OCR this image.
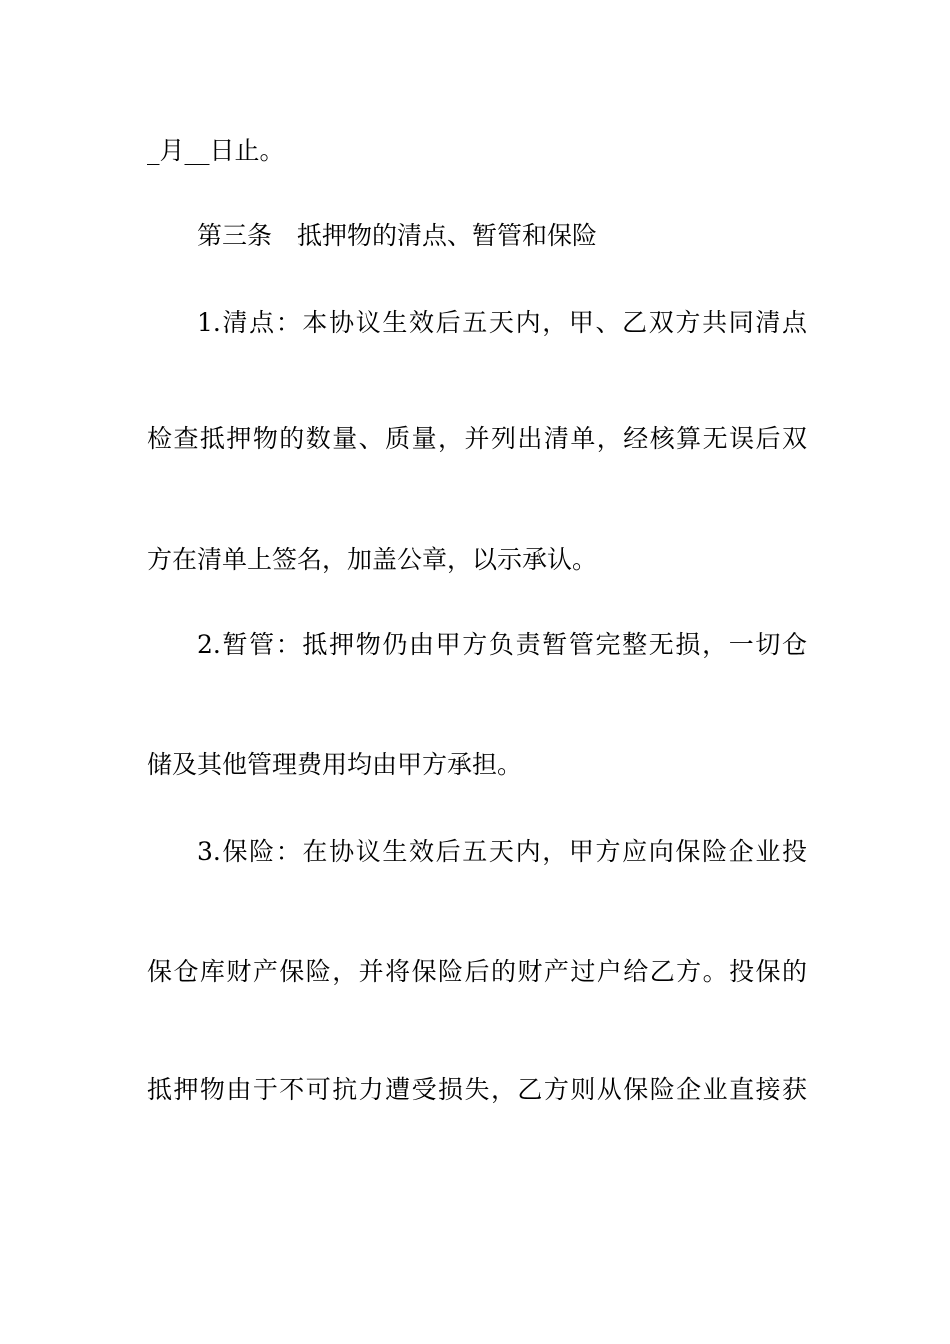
_月__日止。
第三条　抵押物的清点、暂管和保险
1.清点：本协议生效后五天内，甲、乙双方共同清点
检查抵押物的数量、质量，并列出清单，经核算无误后双
方在清单上签名，加盖公章，以示承认。
2.暂管：抵押物仍由甲方负责暂管完整无损，一切仓
储及其他管理费用均由甲方承担。
3.保险：在协议生效后五天内，甲方应向保险企业投
保仓库财产保险，并将保险后的财产过户给乙方。投保的
抵押物由于不可抗力遭受损失，乙方则从保险企业直接获
